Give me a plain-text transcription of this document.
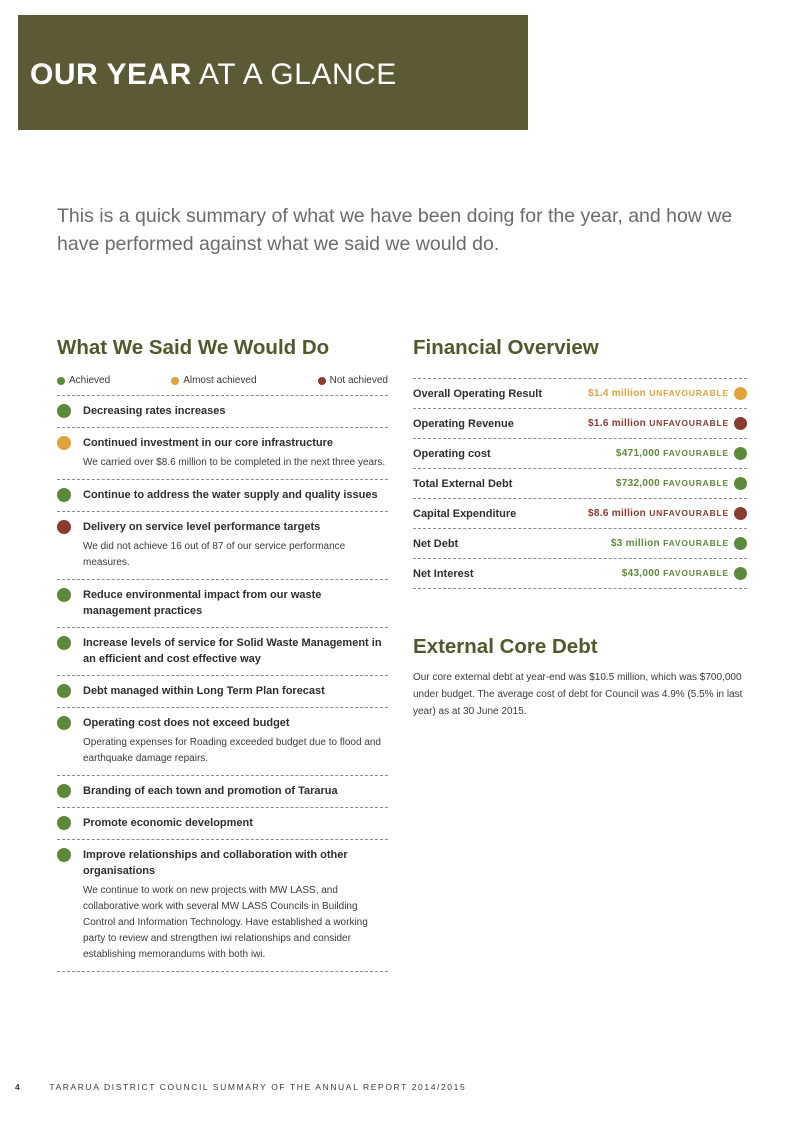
OUR YEAR AT A GLANCE
This is a quick summary of what we have been doing for the year, and how we have performed against what we said we would do.
What We Said We Would Do
Achieved	Almost achieved	Not achieved
Decreasing rates increases
Continued investment in our core infrastructure
We carried over $8.6 million to be completed in the next three years.
Continue to address the water supply and quality issues
Delivery on service level performance targets
We did not achieve 16 out of 87 of our service performance measures.
Reduce environmental impact from our waste management practices
Increase levels of service for Solid Waste Management in an efficient and cost effective way
Debt managed within Long Term Plan forecast
Operating cost does not exceed budget
Operating expenses for Roading exceeded budget due to flood and earthquake damage repairs.
Branding of each town and promotion of Tararua
Promote economic development
Improve relationships and collaboration with other organisations
We continue to work on new projects with MW LASS, and collaborative work with several MW LASS Councils in Building Control and Information Technology. Have established a working party to review and strengthen iwi relationships and consider establishing memorandums with both iwi.
Financial Overview
Overall Operating Result	$1.4 million UNFAVOURABLE
Operating Revenue	$1.6 million UNFAVOURABLE
Operating cost	$471,000 FAVOURABLE
Total External Debt	$732,000 FAVOURABLE
Capital Expenditure	$8.6 million UNFAVOURABLE
Net Debt	$3 million FAVOURABLE
Net Interest	$43,000 FAVOURABLE
External Core Debt

Our core external debt at year-end was $10.5 million, which was $700,000 under budget. The average cost of debt for Council was 4.9% (5.5% in last year) as at 30 June 2015.

4	TARARUA DISTRICT COUNCIL SUMMARY OF THE ANNUAL REPORT 2014/2015
